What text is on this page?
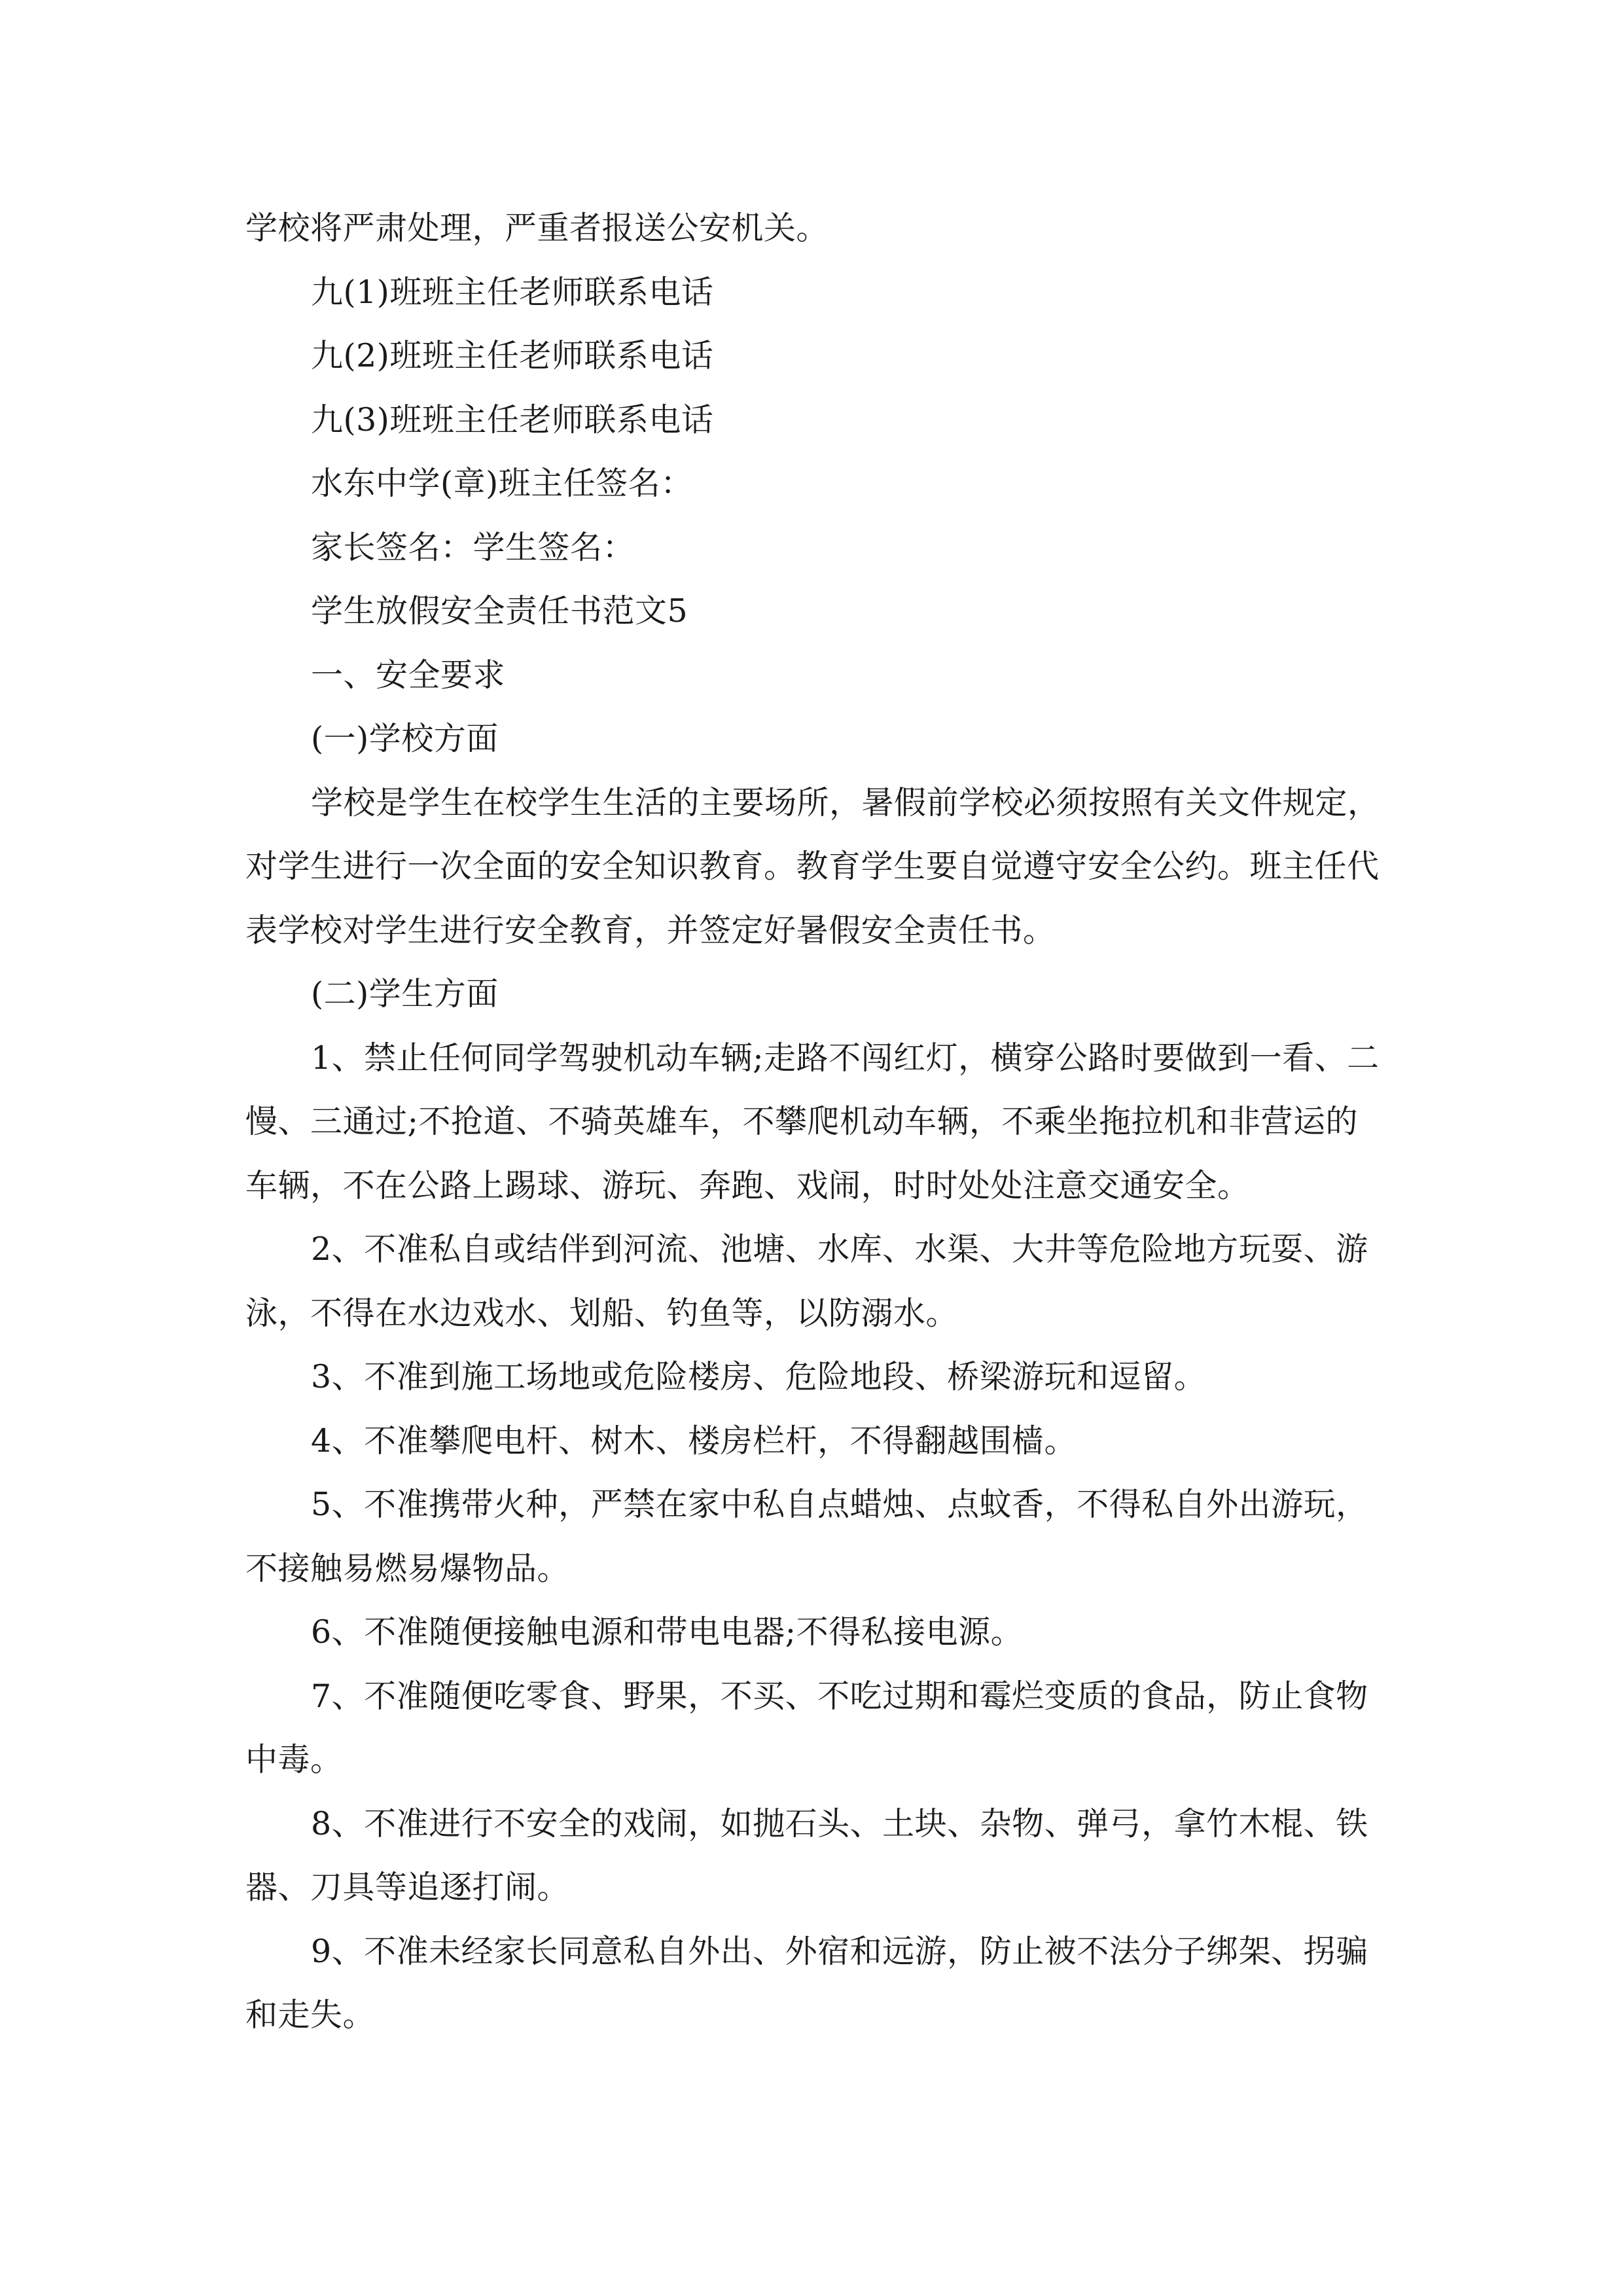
学校将严肃处理，严重者报送公安机关。

九(1)班班主任老师联系电话

九(2)班班主任老师联系电话

九(3)班班主任老师联系电话

水东中学(章)班主任签名：

家长签名：学生签名：

学生放假安全责任书范文5

一、安全要求

(一)学校方面

学校是学生在校学生生活的主要场所，暑假前学校必须按照有关文件规定，对学生进行一次全面的安全知识教育。教育学生要自觉遵守安全公约。班主任代表学校对学生进行安全教育，并签定好暑假安全责任书。

(二)学生方面

1、禁止任何同学驾驶机动车辆;走路不闯红灯，横穿公路时要做到一看、二慢、三通过;不抢道、不骑英雄车，不攀爬机动车辆，不乘坐拖拉机和非营运的车辆，不在公路上踢球、游玩、奔跑、戏闹，时时处处注意交通安全。

2、不准私自或结伴到河流、池塘、水库、水渠、大井等危险地方玩耍、游泳，不得在水边戏水、划船、钓鱼等，以防溺水。

3、不准到施工场地或危险楼房、危险地段、桥梁游玩和逗留。

4、不准攀爬电杆、树木、楼房栏杆，不得翻越围樯。

5、不准携带火种，严禁在家中私自点蜡烛、点蚊香，不得私自外出游玩，不接触易燃易爆物品。

6、不准随便接触电源和带电电器;不得私接电源。

7、不准随便吃零食、野果，不买、不吃过期和霉烂变质的食品，防止食物中毒。

8、不准进行不安全的戏闹，如抛石头、土块、杂物、弹弓，拿竹木棍、铁器、刀具等追逐打闹。

9、不准未经家长同意私自外出、外宿和远游，防止被不法分子绑架、拐骗和走失。
